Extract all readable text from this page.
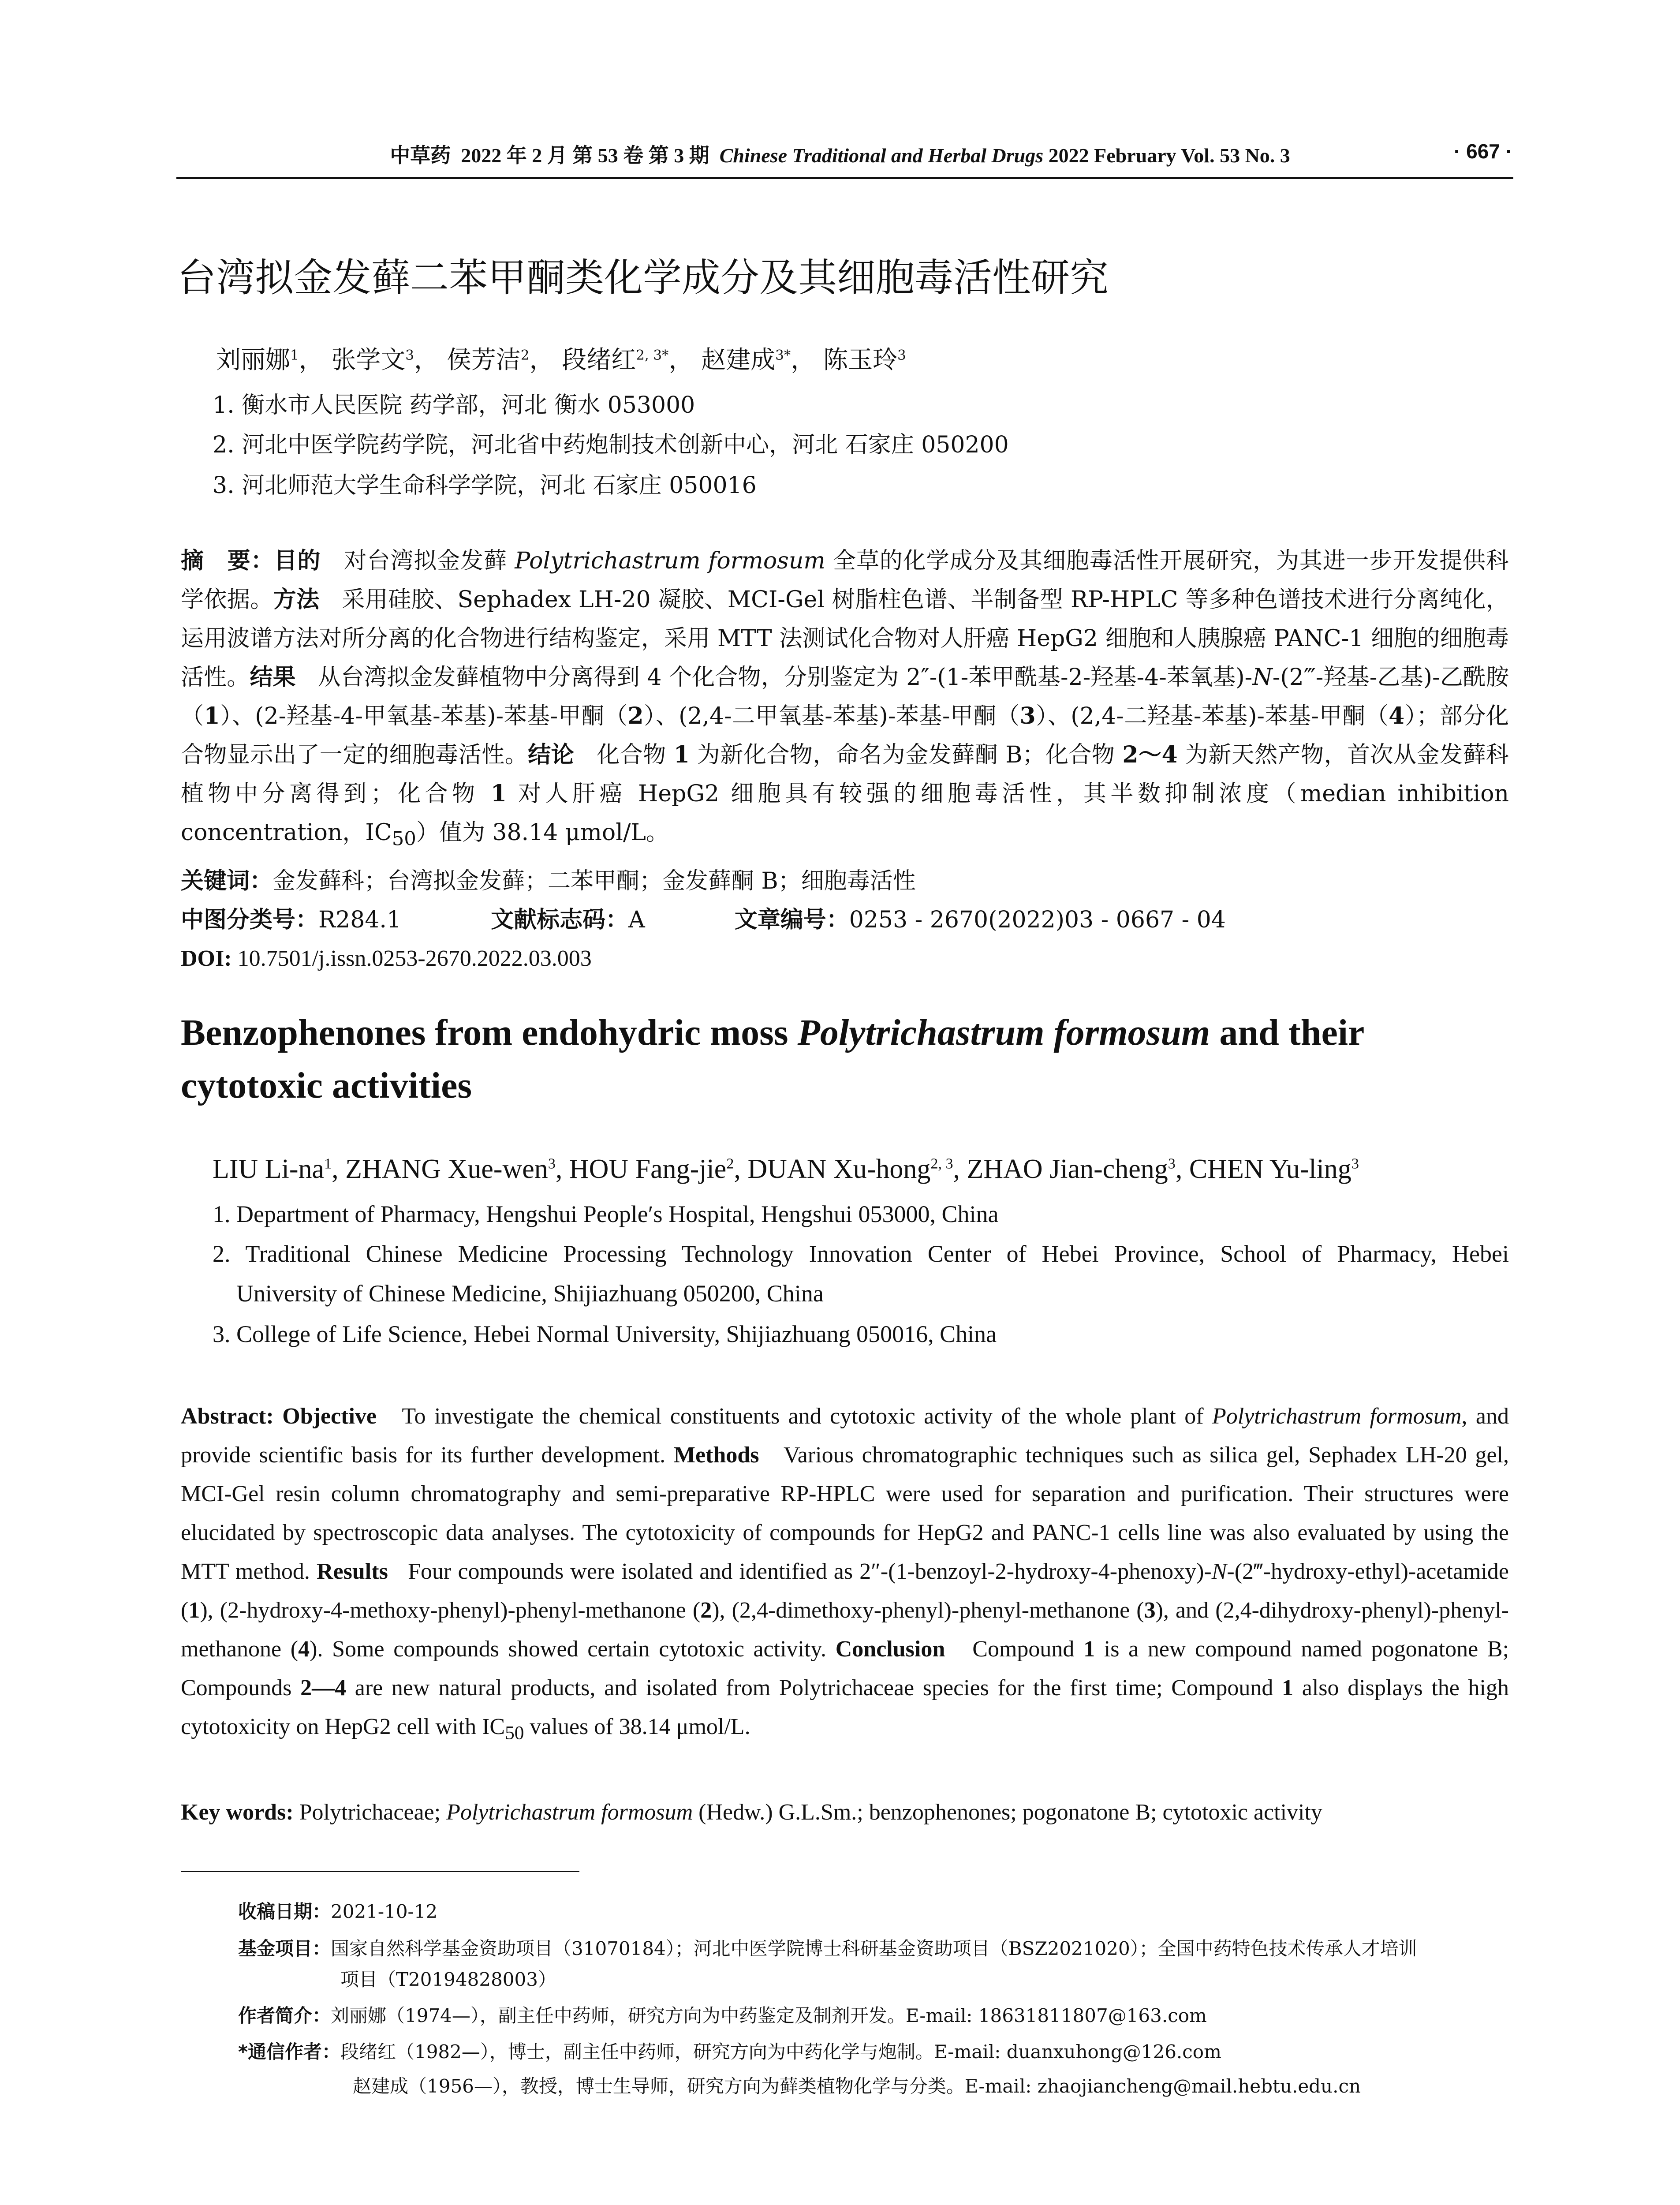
中草药 2022 年 2 月 第 53 卷 第 3 期 Chinese Traditional and Herbal Drugs 2022 February Vol. 53 No. 3	· 667 ·
台湾拟金发藓二苯甲酮类化学成分及其细胞毒活性研究
刘丽娜$^1$， 张学文$^3$， 侯芳洁$^2$， 段绪红$^{2, 3*}$， 赵建成$^{3*}$， 陈玉玲$^3$
1. 衡水市人民医院 药学部，河北 衡水 053000
2. 河北中医学院药学院，河北省中药炮制技术创新中心，河北 石家庄 050200
3. 河北师范大学生命科学学院，河北 石家庄 050016
摘　要：目的 对台湾拟金发藓 Polytrichastrum formosum 全草的化学成分及其细胞毒活性开展研究，为其进一步开发提供科学依据。方法 采用硅胶、Sephadex LH-20 凝胶、MCI-Gel 树脂柱色谱、半制备型 RP-HPLC 等多种色谱技术进行分离纯化，运用波谱方法对所分离的化合物进行结构鉴定，采用 MTT 法测试化合物对人肝癌 HepG2 细胞和人胰腺癌 PANC-1 细胞的细胞毒活性。结果 从台湾拟金发藓植物中分离得到 4 个化合物，分别鉴定为 2″-(1-苯甲酰基-2-羟基-4-苯氧基)-N-(2‴-羟基-乙基)-乙酰胺（1）、(2-羟基-4-甲氧基-苯基)-苯基-甲酮（2）、(2,4-二甲氧基-苯基)-苯基-甲酮（3）、(2,4-二羟基-苯基)-苯基-甲酮（4）；部分化合物显示出了一定的细胞毒活性。结论 化合物 1 为新化合物，命名为金发藓酮 B；化合物 2～4 为新天然产物，首次从金发藓科植物中分离得到；化合物 1 对人肝癌 HepG2 细胞具有较强的细胞毒活性，其半数抑制浓度（median inhibition concentration，$IC_{50}$）值为 38.14 μmol/L。
关键词：金发藓科；台湾拟金发藓；二苯甲酮；金发藓酮 B；细胞毒活性
中图分类号：R284.1	文献标志码：A	文章编号：0253 - 2670(2022)03 - 0667 - 04
DOI: 10.7501/j.issn.0253-2670.2022.03.003
Benzophenones from endohydric moss Polytrichastrum formosum and their cytotoxic activities
LIU $Li-na^1$, ZHANG Xue-wen$^3$, HOU Fang-jie$^2$, DUAN Xu-hong$^{2, 3}$, ZHAO Jian-cheng$^3$, CHEN Yu-ling$^3$
1. Department of Pharmacy, Hengshui People′s Hospital, Hengshui 053000, China
2. Traditional Chinese Medicine Processing Technology Innovation Center of Hebei Province, School of Pharmacy, Hebei
University of Chinese Medicine, Shijiazhuang 050200, China
3. College of Life Science, Hebei Normal University, Shijiazhuang 050016, China
Abstract: Objective To investigate the chemical constituents and cytotoxic activity of the whole plant of Polytrichastrum formosum, and provide scientific basis for its further development. Methods Various chromatographic techniques such as silica gel, Sephadex LH-20 gel, MCI-Gel resin column chromatography and semi-preparative RP-HPLC were used for separation and purification. Their structures were elucidated by spectroscopic data analyses. The cytotoxicity of compounds for HepG2 and PANC-1 cells line was also evaluated by using the MTT method. Results Four compounds were isolated and identified as 2″-(1-benzoyl-2-hydroxy-4-phenoxy)-N-(2‴-hydroxy-ethyl)-acetamide (1), (2-hydroxy-4-methoxy-phenyl)-phenyl-methanone (2), (2,4-dimethoxy-phenyl)-phenyl-methanone (3), and (2,4-dihydroxy-phenyl)-phenyl-methanone (4). Some compounds showed certain cytotoxic activity. Conclusion Compound 1 is a new compound named pogonatone B; Compounds 2—4 are new natural products, and isolated from Polytrichaceae species for the first time; Compound 1 also displays the high cytotoxicity on HepG2 cell with $IC_{50}$ values of 38.14 μmol/L.
Key words: Polytrichaceae; Polytrichastrum formosum (Hedw.) G.L.Sm.; benzophenones; pogonatone B; cytotoxic activity
收稿日期：2021-10-12
基金项目：国家自然科学基金资助项目（31070184）；河北中医学院博士科研基金资助项目（BSZ2021020）；全国中药特色技术传承人才培训
项目（T20194828003）
作者简介：刘丽娜（1974—），副主任中药师，研究方向为中药鉴定及制剂开发。E-mail: 18631811807@163.com
*通信作者：段绪红（1982—），博士，副主任中药师，研究方向为中药化学与炮制。E-mail: duanxuhong@126.com
赵建成（1956—），教授，博士生导师，研究方向为藓类植物化学与分类。E-mail: zhaojiancheng@mail.hebtu.edu.cn
